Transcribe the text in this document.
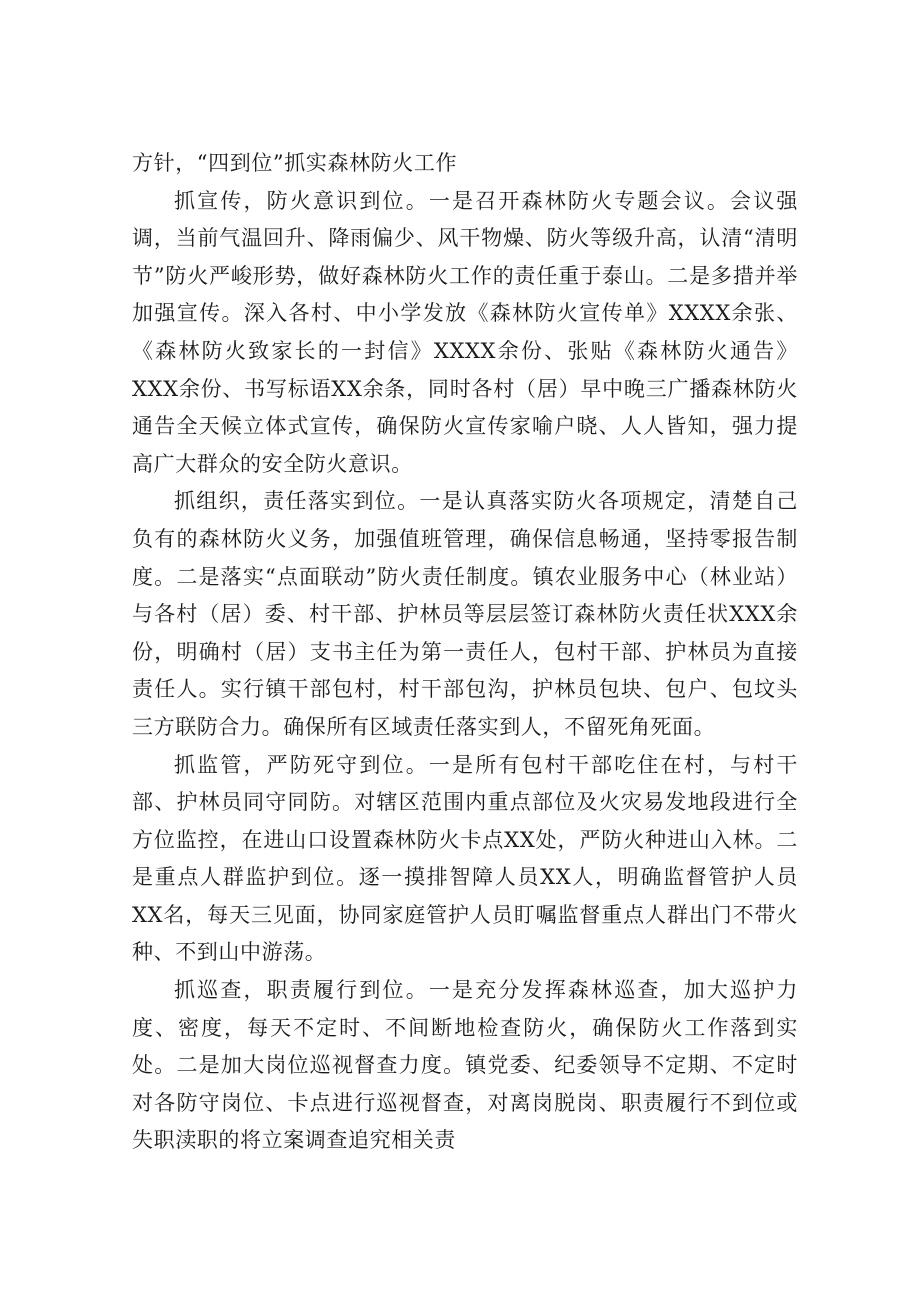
方针，“四到位”抓实森林防火工作

抓宣传，防火意识到位。一是召开森林防火专题会议。会议强调，当前气温回升、降雨偏少、风干物燥、防火等级升高，认清“清明节”防火严峻形势，做好森林防火工作的责任重于泰山。二是多措并举加强宣传。深入各村、中小学发放《森林防火宣传单》XXXX余张、《森林防火致家长的一封信》XXXX余份、张贴《森林防火通告》XXX余份、书写标语XX余条，同时各村（居）早中晚三广播森林防火通告全天候立体式宣传，确保防火宣传家喻户晓、人人皆知，强力提高广大群众的安全防火意识。

抓组织，责任落实到位。一是认真落实防火各项规定，清楚自己负有的森林防火义务，加强值班管理，确保信息畅通，坚持零报告制度。二是落实“点面联动”防火责任制度。镇农业服务中心（林业站）与各村（居）委、村干部、护林员等层层签订森林防火责任状XXX余份，明确村（居）支书主任为第一责任人，包村干部、护林员为直接责任人。实行镇干部包村，村干部包沟，护林员包块、包户、包坟头三方联防合力。确保所有区域责任落实到人，不留死角死面。

抓监管，严防死守到位。一是所有包村干部吃住在村，与村干部、护林员同守同防。对辖区范围内重点部位及火灾易发地段进行全方位监控，在进山口设置森林防火卡点XX处，严防火种进山入林。二是重点人群监护到位。逐一摸排智障人员XX人，明确监督管护人员XX名，每天三见面，协同家庭管护人员盯嘱监督重点人群出门不带火种、不到山中游荡。

抓巡查，职责履行到位。一是充分发挥森林巡查，加大巡护力度、密度，每天不定时、不间断地检查防火，确保防火工作落到实处。二是加大岗位巡视督查力度。镇党委、纪委领导不定期、不定时对各防守岗位、卡点进行巡视督查，对离岗脱岗、职责履行不到位或失职渎职的将立案调查追究相关责
